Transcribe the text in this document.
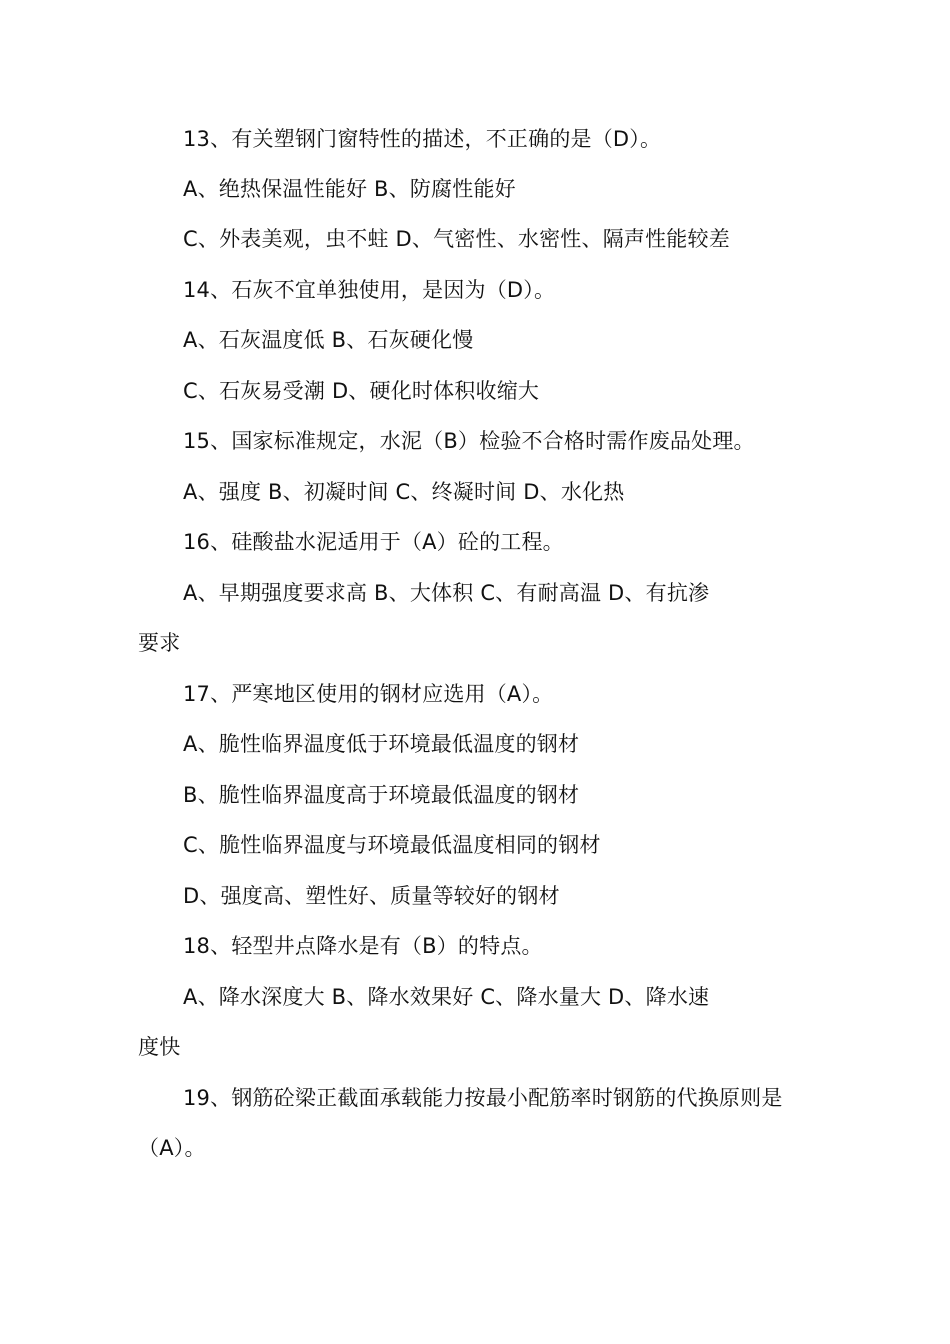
13、有关塑钢门窗特性的描述，不正确的是（D）。
A、绝热保温性能好 B、防腐性能好
C、外表美观，虫不蛀 D、气密性、水密性、隔声性能较差
14、石灰不宜单独使用，是因为（D）。
A、石灰温度低 B、石灰硬化慢
C、石灰易受潮 D、硬化时体积收缩大
15、国家标准规定，水泥（B）检验不合格时需作废品处理。
A、强度 B、初凝时间 C、终凝时间 D、水化热
16、硅酸盐水泥适用于（A）砼的工程。
A、早期强度要求高 B、大体积 C、有耐高温 D、有抗渗
要求
17、严寒地区使用的钢材应选用（A）。
A、脆性临界温度低于环境最低温度的钢材
B、脆性临界温度高于环境最低温度的钢材
C、脆性临界温度与环境最低温度相同的钢材
D、强度高、塑性好、质量等较好的钢材
18、轻型井点降水是有（B）的特点。
A、降水深度大 B、降水效果好 C、降水量大 D、降水速
度快
19、钢筋砼梁正截面承载能力按最小配筋率时钢筋的代换原则是
（A）。
